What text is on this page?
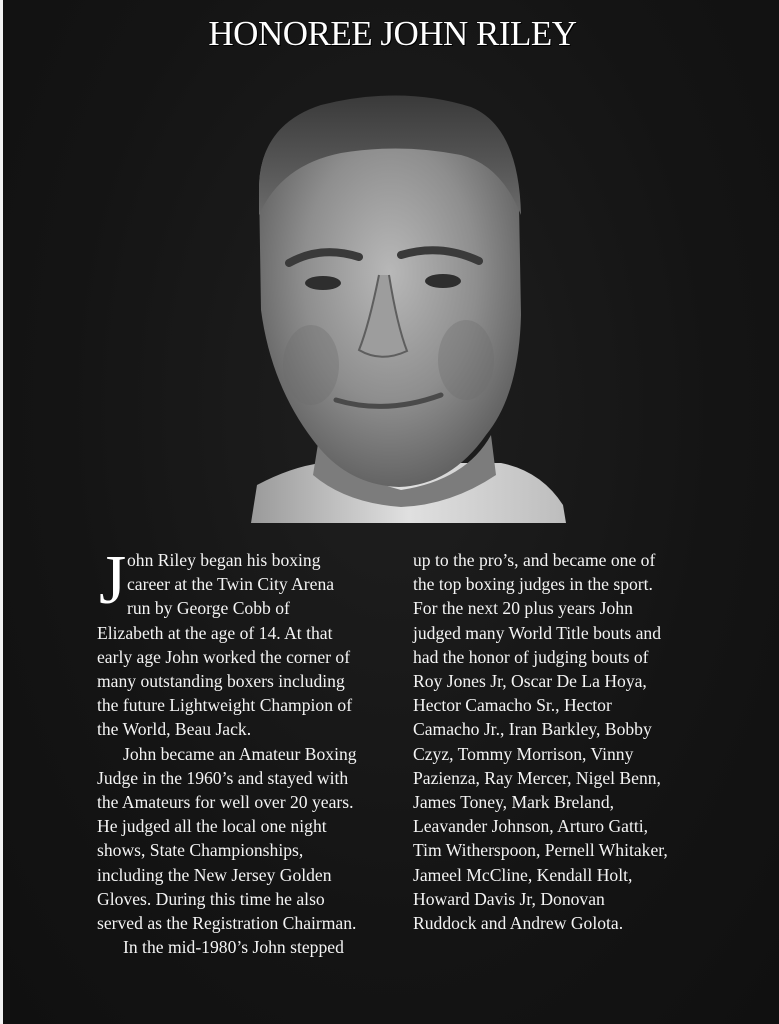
HONOREE JOHN RILEY
J ohn Riley began his boxing
career at the Twin City Arena
run by George Cobb of
Elizabeth at the age of 14. At that
early age John worked the corner of
many outstanding boxers including
the future Lightweight Champion of
the World, Beau Jack.
John became an Amateur Boxing
Judge in the 1960’s and stayed with
the Amateurs for well over 20 years.
He judged all the local one night
shows, State Championships,
including the New Jersey Golden
Gloves. During this time he also
served as the Registration Chairman.
In the mid-1980’s John stepped
up to the pro’s, and became one of
the top boxing judges in the sport.
For the next 20 plus years John
judged many World Title bouts and
had the honor of judging bouts of
Roy Jones Jr, Oscar De La Hoya,
Hector Camacho Sr., Hector
Camacho Jr., Iran Barkley, Bobby
Czyz, Tommy Morrison, Vinny
Pazienza, Ray Mercer, Nigel Benn,
James Toney, Mark Breland,
Leavander Johnson, Arturo Gatti,
Tim Witherspoon, Pernell Whitaker,
Jameel McCline, Kendall Holt,
Howard Davis Jr, Donovan
Ruddock and Andrew Golota.
